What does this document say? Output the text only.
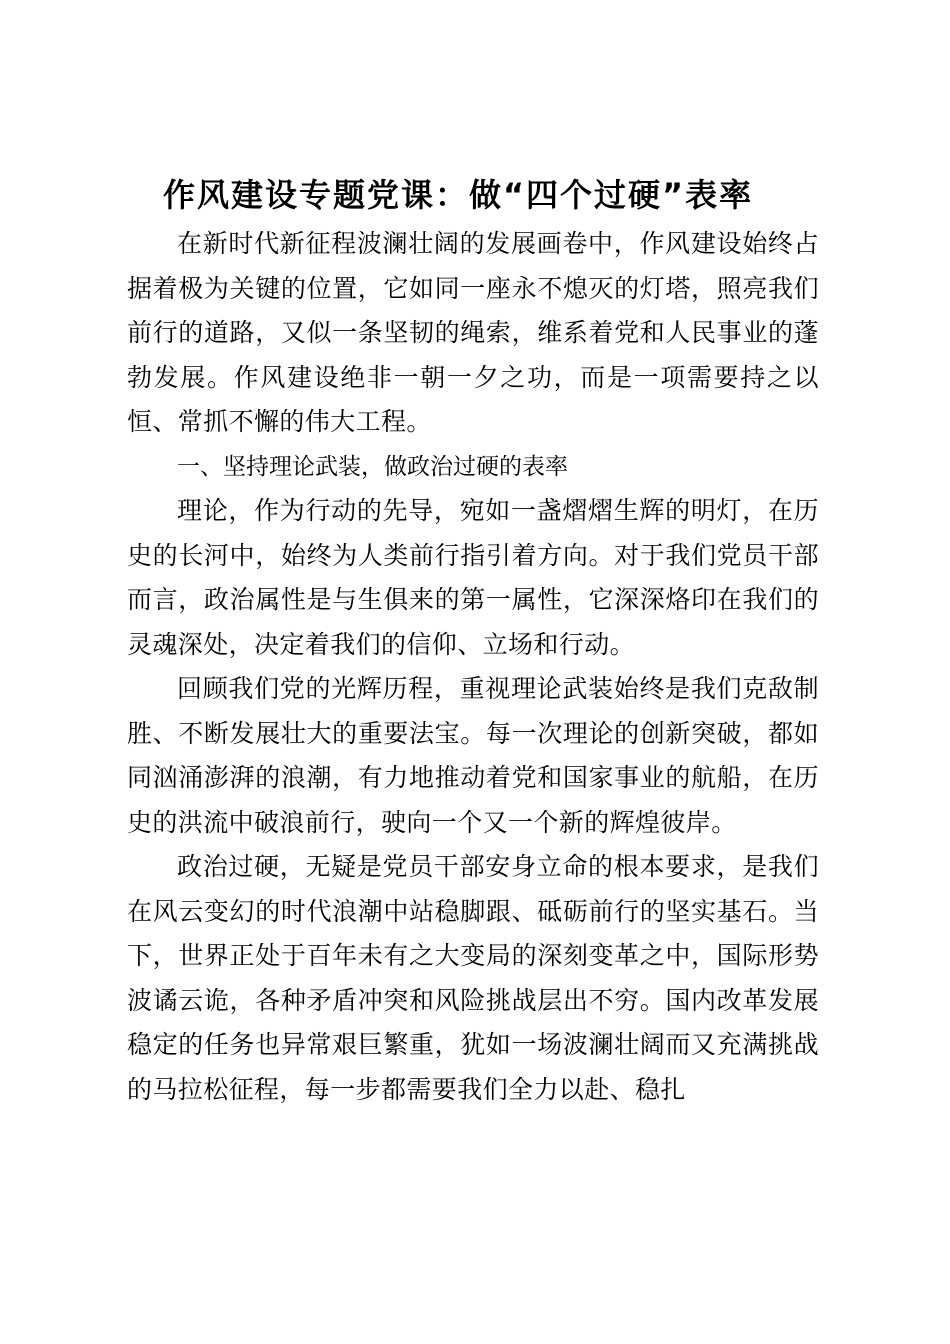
作风建设专题党课：做“四个过硬”表率

在新时代新征程波澜壮阔的发展画卷中，作风建设始终占据着极为关键的位置，它如同一座永不熄灭的灯塔，照亮我们前行的道路，又似一条坚韧的绳索，维系着党和人民事业的蓬勃发展。作风建设绝非一朝一夕之功，而是一项需要持之以恒、常抓不懈的伟大工程。

一、坚持理论武装，做政治过硬的表率

理论，作为行动的先导，宛如一盏熠熠生辉的明灯，在历史的长河中，始终为人类前行指引着方向。对于我们党员干部而言，政治属性是与生俱来的第一属性，它深深烙印在我们的灵魂深处，决定着我们的信仰、立场和行动。

回顾我们党的光辉历程，重视理论武装始终是我们克敌制胜、不断发展壮大的重要法宝。每一次理论的创新突破，都如同汹涌澎湃的浪潮，有力地推动着党和国家事业的航船，在历史的洪流中破浪前行，驶向一个又一个新的辉煌彼岸。

政治过硬，无疑是党员干部安身立命的根本要求，是我们在风云变幻的时代浪潮中站稳脚跟、砥砺前行的坚实基石。当下，世界正处于百年未有之大变局的深刻变革之中，国际形势波谲云诡，各种矛盾冲突和风险挑战层出不穷。国内改革发展稳定的任务也异常艰巨繁重，犹如一场波澜壮阔而又充满挑战的马拉松征程，每一步都需要我们全力以赴、稳扎
